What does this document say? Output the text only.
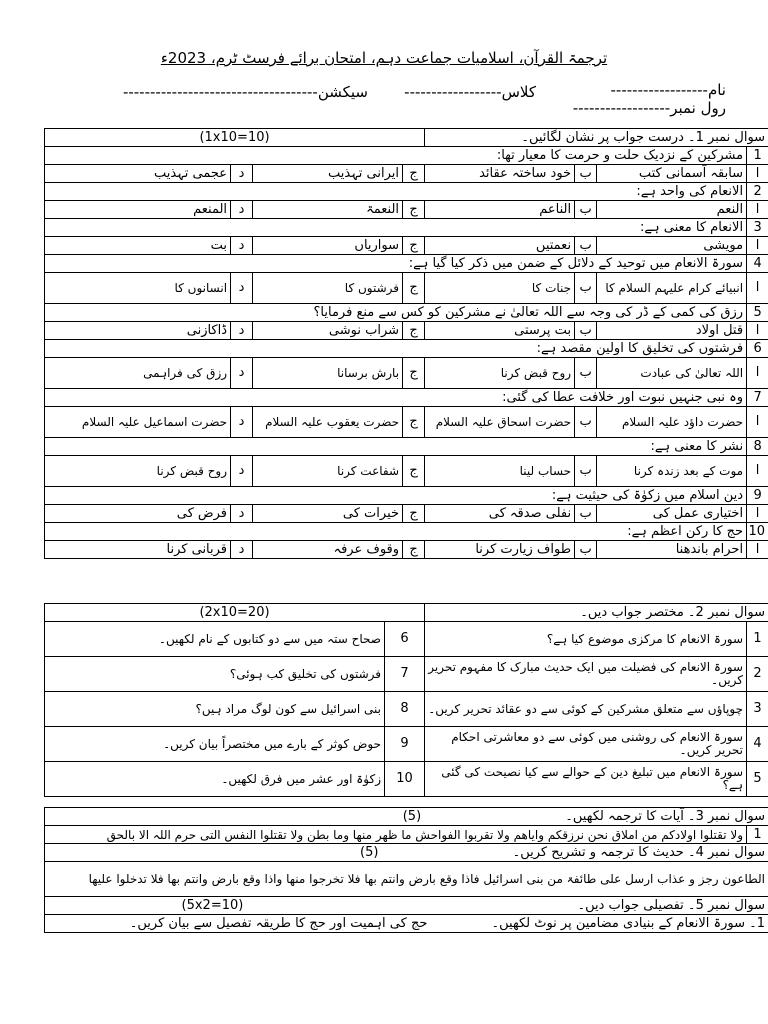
ترجمۃ القرآن، اسلامیات جماعت دہم، امتحان برائے فرسٹ ٹرم، 2023ء
نام------------------
رول نمبر------------------
کلاس------------------
سیکشن------------------------------------
سوال نمبر 1۔ درست جواب پر نشان لگائیں۔				(1x10=10)			
1	مشرکین کے نزدیک حلت و حرمت کا معیار تھا:						
ا	سابقہ آسمانی کتب	ب	خود ساختہ عقائد	ج	ایرانی تہذیب	د	عجمی تہذیب
2	الانعام کی واحد ہے:						
ا	النعم	ب	الناعم	ج	النعمۃ	د	المنعم
3	الانعام کا معنی ہے:						
ا	مویشی	ب	نعمتیں	ج	سواریاں	د	بت
4	سورۃ الانعام میں توحید کے دلائل کے ضمن میں ذکر کیا گیا ہے:						
ا	انبیائے کرام علیہم السلام کا	ب	جنات کا	ج	فرشتوں کا	د	انسانوں کا
5	رزق کی کمی کے ڈر کی وجہ سے اللہ تعالیٰ نے مشرکین کو کس سے منع فرمایا؟						
ا	قتل اولاد	ب	بت پرستی	ج	شراب نوشی	د	ڈاکازنی
6	فرشتوں کی تخلیق کا اولین مقصد ہے:						
ا	اللہ تعالیٰ کی عبادت	ب	روح قبض کرنا	ج	بارش برسانا	د	رزق کی فراہمی
7	وہ نبی جنہیں نبوت اور خلافت عطا کی گئی:						
ا	حضرت داؤد علیہ السلام	ب	حضرت اسحاق علیہ السلام	ج	حضرت یعقوب علیہ السلام	د	حضرت اسماعیل علیہ السلام
8	نشر کا معنی ہے:						
ا	موت کے بعد زندہ کرنا	ب	حساب لینا	ج	شفاعت کرنا	د	روح قبض کرنا
9	دین اسلام میں زکوٰۃ کی حیثیت ہے:						
ا	اختیاری عمل کی	ب	نفلی صدقہ کی	ج	خیرات کی	د	فرض کی
10	حج کا رکن اعظم ہے:						
ا	احرام باندھنا	ب	طواف زیارت کرنا	ج	وقوف عرفہ	د	قربانی کرنا
سوال نمبر 2۔ مختصر جواب دیں۔		(2x10=20)	
1	سورۃ الانعام کا مرکزی موضوع کیا ہے؟	6	صحاح ستہ میں سے دو کتابوں کے نام لکھیں۔
2	سورۃ الانعام کی فضیلت میں ایک حدیث مبارک کا مفہوم تحریر کریں۔	7	فرشتوں کی تخلیق کب ہوئی؟
3	چوپاؤں سے متعلق مشرکین کے کوئی سے دو عقائد تحریر کریں۔	8	بنی اسرائیل سے کون لوگ مراد ہیں؟
4	سورۃ الانعام کی روشنی میں کوئی سے دو معاشرتی احکام تحریر کریں۔	9	حوض کوثر کے بارے میں مختصراً بیان کریں۔
5	سورۃ الانعام میں تبلیغ دین کے حوالے سے کیا نصیحت کی گئی ہے؟	10	زکوٰۃ اور عشر میں فرق لکھیں۔
سوال نمبر 3۔ آیات کا ترجمہ لکھیں۔ (5)
1	ولا تقتلوا اولادکم من املاق نحن نرزقکم وایاھم ولا تقربوا الفواحش ما ظھر منھا وما بطن ولا تقتلوا النفس التی حرم اللہ الا بالحق
سوال نمبر 4۔ حدیث کا ترجمہ و تشریح کریں۔ (5)
الطاعون رجز و عذاب ارسل علی طائفۃ من بنی اسرائیل فاذا وقع بارض وانتم بھا فلا تخرجوا منھا واذا وقع بارض وانتم بھا فلا تدخلوا علیھا
سوال نمبر 5۔ تفصیلی جواب دیں۔ (5x2=10)
1۔ سورۃ الانعام کے بنیادی مضامین پر نوٹ لکھیں۔ حج کی اہمیت اور حج کا طریقہ تفصیل سے بیان کریں۔
